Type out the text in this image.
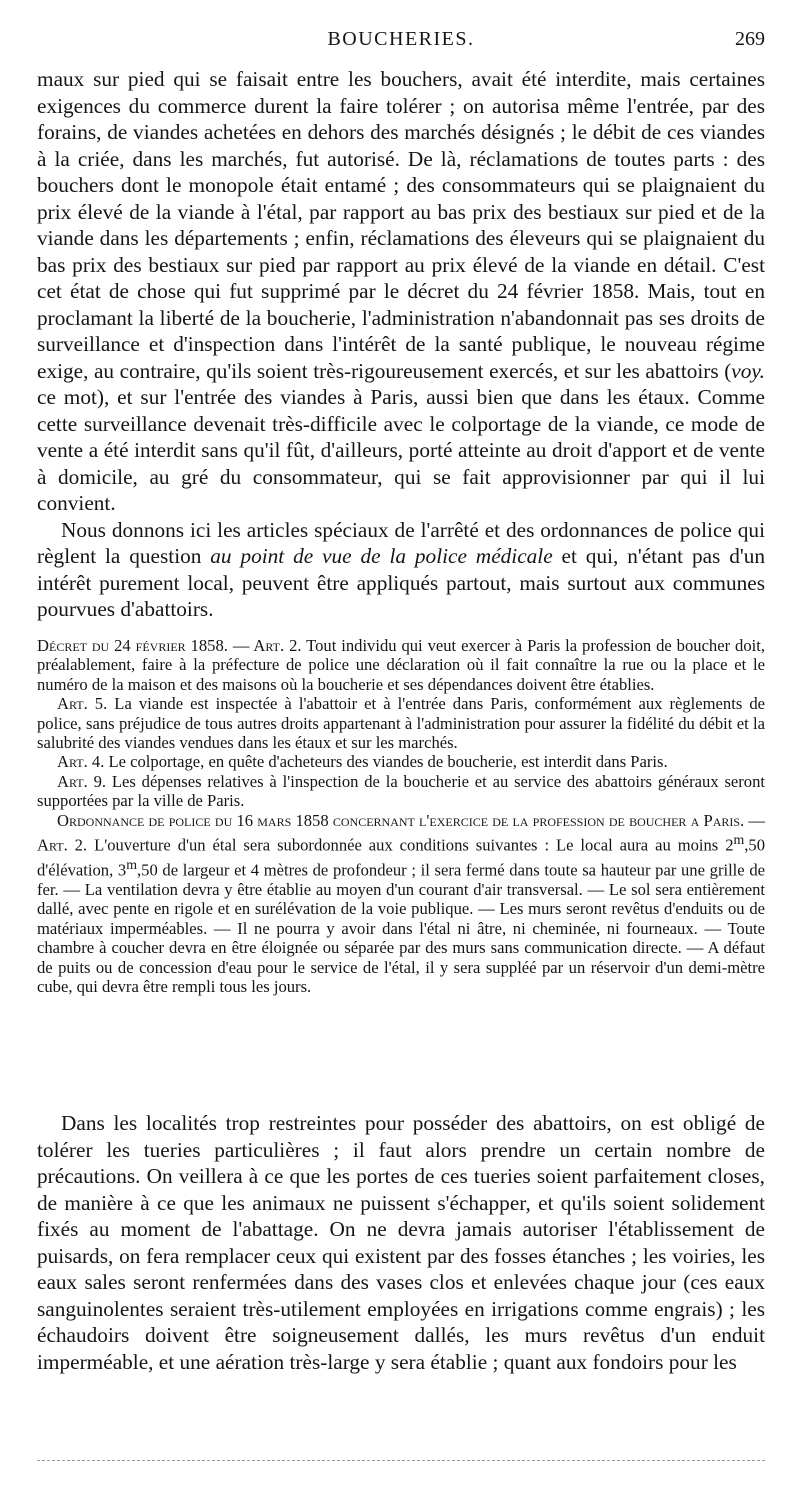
BOUCHERIES.	269

maux sur pied qui se faisait entre les bouchers, avait été interdite, mais certaines exigences du commerce durent la faire tolérer ; on autorisa même l'entrée, par des forains, de viandes achetées en dehors des marchés désignés ; le débit de ces viandes à la criée, dans les marchés, fut autorisé. De là, réclamations de toutes parts : des bouchers dont le monopole était entamé ; des consommateurs qui se plaignaient du prix élevé de la viande à l'étal, par rapport au bas prix des bestiaux sur pied et de la viande dans les départements ; enfin, réclamations des éleveurs qui se plaignaient du bas prix des bestiaux sur pied par rapport au prix élevé de la viande en détail. C'est cet état de chose qui fut supprimé par le décret du 24 février 1858. Mais, tout en proclamant la liberté de la boucherie, l'administration n'abandonnait pas ses droits de surveillance et d'inspection dans l'intérêt de la santé publique, le nouveau régime exige, au contraire, qu'ils soient très-rigoureusement exercés, et sur les abattoirs (voy. ce mot), et sur l'entrée des viandes à Paris, aussi bien que dans les étaux. Comme cette surveillance devenait très-difficile avec le colportage de la viande, ce mode de vente a été interdit sans qu'il fût, d'ailleurs, porté atteinte au droit d'apport et de vente à domicile, au gré du consommateur, qui se fait approvisionner par qui il lui convient.

Nous donnons ici les articles spéciaux de l'arrêté et des ordonnances de police qui règlent la question au point de vue de la police médicale et qui, n'étant pas d'un intérêt purement local, peuvent être appliqués partout, mais surtout aux communes pourvues d'abattoirs.

Décret du 24 février 1858. — Art. 2. Tout individu qui veut exercer à Paris la profession de boucher doit, préalablement, faire à la préfecture de police une déclaration où il fait connaître la rue ou la place et le numéro de la maison et des maisons où la boucherie et ses dépendances doivent être établies.

Art. 5. La viande est inspectée à l'abattoir et à l'entrée dans Paris, conformément aux règlements de police, sans préjudice de tous autres droits appartenant à l'administration pour assurer la fidélité du débit et la salubrité des viandes vendues dans les étaux et sur les marchés.

Art. 4. Le colportage, en quête d'acheteurs des viandes de boucherie, est interdit dans Paris.

Art. 9. Les dépenses relatives à l'inspection de la boucherie et au service des abattoirs généraux seront supportées par la ville de Paris.

Ordonnance de police du 16 mars 1858 concernant l'exercice de la profession de boucher a Paris. — Art. 2. L'ouverture d'un étal sera subordonnée aux conditions suivantes : Le local aura au moins 2$^m$,50 d'élévation, 3$^m$,50 de largeur et 4 mètres de profondeur ; il sera fermé dans toute sa hauteur par une grille de fer. — La ventilation devra y être établie au moyen d'un courant d'air transversal. — Le sol sera entièrement dallé, avec pente en rigole et en surélévation de la voie publique. — Les murs seront revêtus d'enduits ou de matériaux imperméables. — Il ne pourra y avoir dans l'étal ni âtre, ni cheminée, ni fourneaux. — Toute chambre à coucher devra en être éloignée ou séparée par des murs sans communication directe. — A défaut de puits ou de concession d'eau pour le service de l'étal, il y sera suppléé par un réservoir d'un demi-mètre cube, qui devra être rempli tous les jours.

Dans les localités trop restreintes pour posséder des abattoirs, on est obligé de tolérer les tueries particulières ; il faut alors prendre un certain nombre de précautions. On veillera à ce que les portes de ces tueries soient parfaitement closes, de manière à ce que les animaux ne puissent s'échapper, et qu'ils soient solidement fixés au moment de l'abattage. On ne devra jamais autoriser l'établissement de puisards, on fera remplacer ceux qui existent par des fosses étanches ; les voiries, les eaux sales seront renfermées dans des vases clos et enlevées chaque jour (ces eaux sanguinolentes seraient très-utilement employées en irrigations comme engrais) ; les échaudoirs doivent être soigneusement dallés, les murs revêtus d'un enduit imperméable, et une aération très-large y sera établie ; quant aux fondoirs pour les
